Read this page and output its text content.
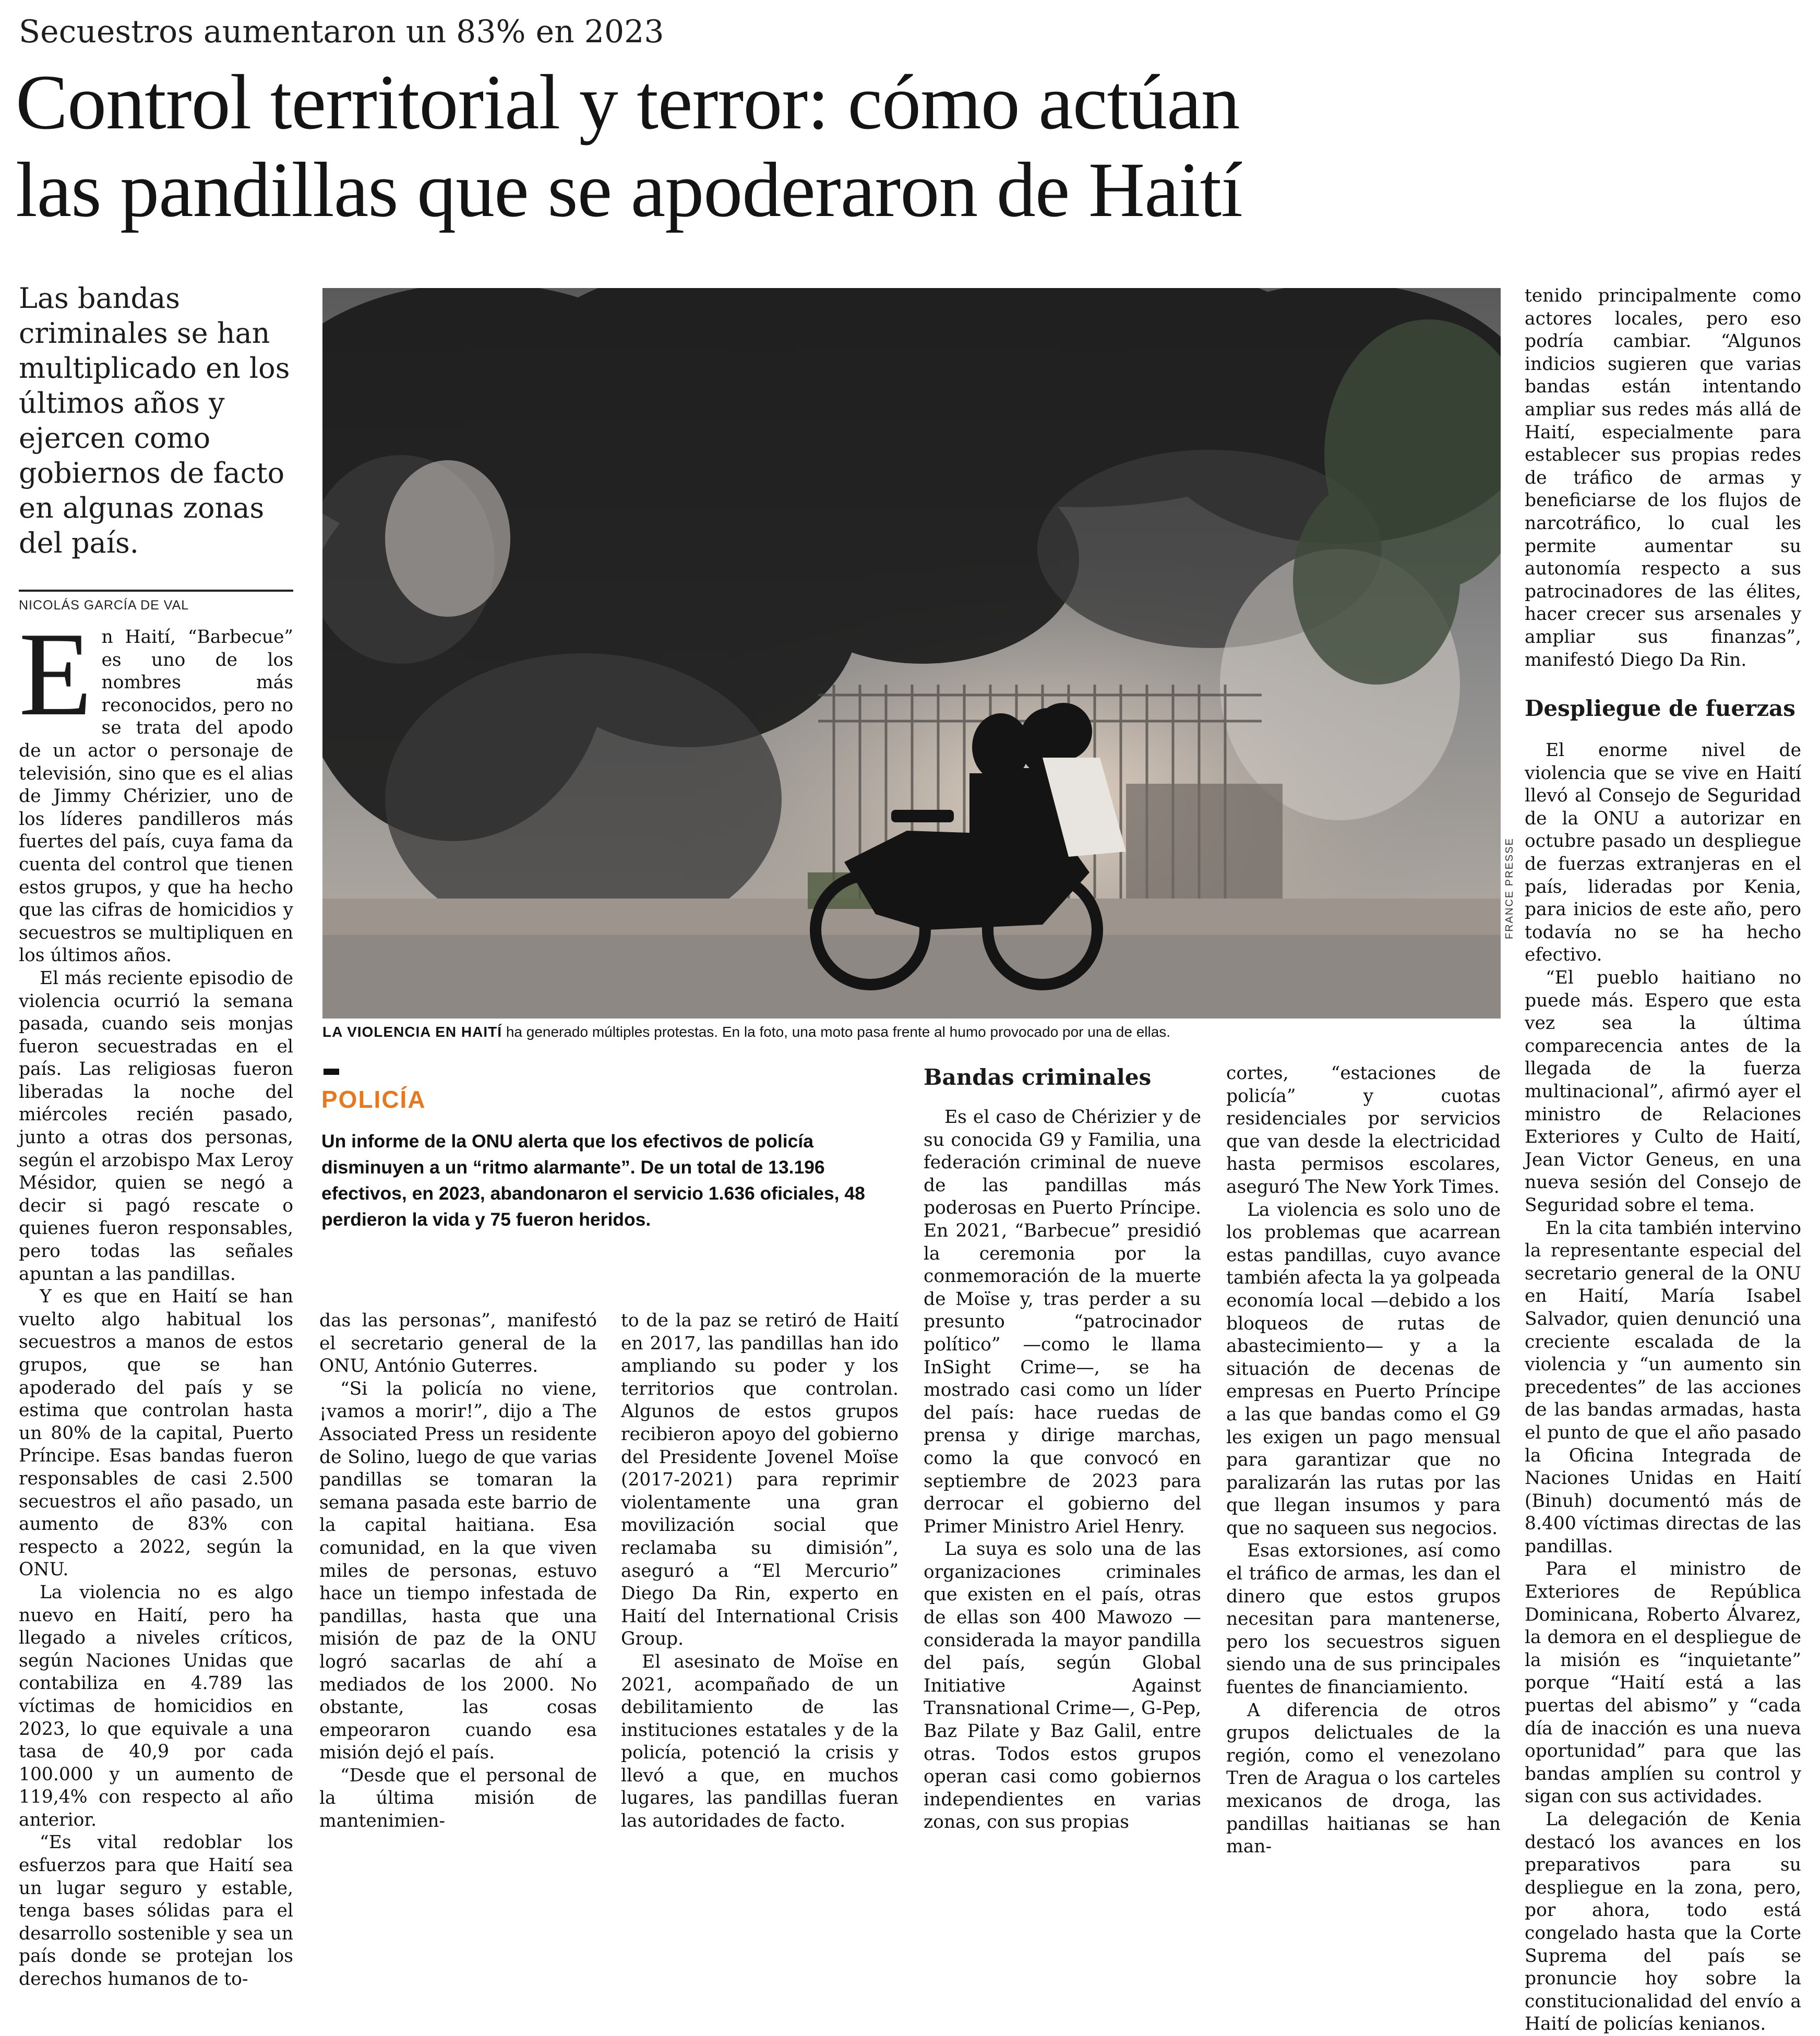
Secuestros aumentaron un 83% en 2023
Control territorial y terror: cómo actúan
las pandillas que se apoderaron de Haití
Las bandas criminales se han multiplicado en los últimos años y ejercen como gobiernos de facto en algunas zonas del país.
NICOLÁS GARCÍA DE VAL
FRANCE PRESSE
LA VIOLENCIA EN HAITÍ ha generado múltiples protestas. En la foto, una moto pasa frente al humo provocado por una de ellas.
POLICÍA
Un informe de la ONU alerta que los efectivos de policía disminuyen a un “ritmo alarmante”. De un total de 13.196 efectivos, en 2023, abandonaron el servicio 1.636 oficiales, 48 perdieron la vida y 75 fueron heridos.

En Haití, “Barbecue” es uno de los nombres más reconocidos, pero no se trata del apodo de un actor o personaje de televisión, sino que es el alias de Jimmy Chérizier, uno de los líderes pandilleros más fuertes del país, cuya fama da cuenta del control que tienen estos grupos, y que ha hecho que las cifras de homicidios y secuestros se multipliquen en los últimos años.

El más reciente episodio de violencia ocurrió la semana pasada, cuando seis monjas fueron secuestradas en el país. Las religiosas fueron liberadas la noche del miércoles recién pasado, junto a otras dos personas, según el arzobispo Max Leroy Mésidor, quien se negó a decir si pagó rescate o quienes fueron responsables, pero todas las señales apuntan a las pandillas.

Y es que en Haití se han vuelto algo habitual los secuestros a manos de estos grupos, que se han apoderado del país y se estima que controlan hasta un 80% de la capital, Puerto Príncipe. Esas bandas fueron responsables de casi 2.500 secuestros el año pasado, un aumento de 83% con respecto a 2022, según la ONU.

La violencia no es algo nuevo en Haití, pero ha llegado a niveles críticos, según Naciones Unidas que contabiliza en 4.789 las víctimas de homicidios en 2023, lo que equivale a una tasa de 40,9 por cada 100.000 y un aumento de 119,4% con respecto al año anterior.

“Es vital redoblar los esfuerzos para que Haití sea un lugar seguro y estable, tenga bases sólidas para el desarrollo sostenible y sea un país donde se protejan los derechos humanos de to-

das las personas”, manifestó el secretario general de la ONU, António Guterres.

“Si la policía no viene, ¡vamos a morir!”, dijo a The Associated Press un residente de Solino, luego de que varias pandillas se tomaran la semana pasada este barrio de la capital haitiana. Esa comunidad, en la que viven miles de personas, estuvo hace un tiempo infestada de pandillas, hasta que una misión de paz de la ONU logró sacarlas de ahí a mediados de los 2000. No obstante, las cosas empeoraron cuando esa misión dejó el país.

“Desde que el personal de la última misión de mantenimien-

to de la paz se retiró de Haití en 2017, las pandillas han ido ampliando su poder y los territorios que controlan. Algunos de estos grupos recibieron apoyo del gobierno del Presidente Jovenel Moïse (2017-2021) para reprimir violentamente una gran movilización social que reclamaba su dimisión”, aseguró a “El Mercurio” Diego Da Rin, experto en Haití del International Crisis Group.

El asesinato de Moïse en 2021, acompañado de un debilitamiento de las instituciones estatales y de la policía, potenció la crisis y llevó a que, en muchos lugares, las pandillas fueran las autoridades de facto.

Bandas criminales

Es el caso de Chérizier y de su conocida G9 y Familia, una federación criminal de nueve de las pandillas más poderosas en Puerto Príncipe. En 2021, “Barbecue” presidió la ceremonia por la conmemoración de la muerte de Moïse y, tras perder a su presunto “patrocinador político” —como le llama InSight Crime—, se ha mostrado casi como un líder del país: hace ruedas de prensa y dirige marchas, como la que convocó en septiembre de 2023 para derrocar el gobierno del Primer Ministro Ariel Henry.

La suya es solo una de las organizaciones criminales que existen en el país, otras de ellas son 400 Mawozo —considerada la mayor pandilla del país, según Global Initiative Against Transnational Crime—, G-Pep, Baz Pilate y Baz Galil, entre otras. Todos estos grupos operan casi como gobiernos independientes en varias zonas, con sus propias

cortes, “estaciones de policía” y cuotas residenciales por servicios que van desde la electricidad hasta permisos escolares, aseguró The New York Times.

La violencia es solo uno de los problemas que acarrean estas pandillas, cuyo avance también afecta la ya golpeada economía local —debido a los bloqueos de rutas de abastecimiento— y a la situación de decenas de empresas en Puerto Príncipe a las que bandas como el G9 les exigen un pago mensual para garantizar que no paralizarán las rutas por las que llegan insumos y para que no saqueen sus negocios.

Esas extorsiones, así como el tráfico de armas, les dan el dinero que estos grupos necesitan para mantenerse, pero los secuestros siguen siendo una de sus principales fuentes de financiamiento.

A diferencia de otros grupos delictuales de la región, como el venezolano Tren de Aragua o los carteles mexicanos de droga, las pandillas haitianas se han man-

tenido principalmente como actores locales, pero eso podría cambiar. “Algunos indicios sugieren que varias bandas están intentando ampliar sus redes más allá de Haití, especialmente para establecer sus propias redes de tráfico de armas y beneficiarse de los flujos de narcotráfico, lo cual les permite aumentar su autonomía respecto a sus patrocinadores de las élites, hacer crecer sus arsenales y ampliar sus finanzas”, manifestó Diego Da Rin.

Despliegue de fuerzas

El enorme nivel de violencia que se vive en Haití llevó al Consejo de Seguridad de la ONU a autorizar en octubre pasado un despliegue de fuerzas extranjeras en el país, lideradas por Kenia, para inicios de este año, pero todavía no se ha hecho efectivo.

“El pueblo haitiano no puede más. Espero que esta vez sea la última comparecencia antes de la llegada de la fuerza multinacional”, afirmó ayer el ministro de Relaciones Exteriores y Culto de Haití, Jean Victor Geneus, en una nueva sesión del Consejo de Seguridad sobre el tema.

En la cita también intervino la representante especial del secretario general de la ONU en Haití, María Isabel Salvador, quien denunció una creciente escalada de la violencia y “un aumento sin precedentes” de las acciones de las bandas armadas, hasta el punto de que el año pasado la Oficina Integrada de Naciones Unidas en Haití (Binuh) documentó más de 8.400 víctimas directas de las pandillas.

Para el ministro de Exteriores de República Dominicana, Roberto Álvarez, la demora en el despliegue de la misión es “inquietante” porque “Haití está a las puertas del abismo” y “cada día de inacción es una nueva oportunidad” para que las bandas amplíen su control y sigan con sus actividades.

La delegación de Kenia destacó los avances en los preparativos para su despliegue en la zona, pero, por ahora, todo está congelado hasta que la Corte Suprema del país se pronuncie hoy sobre la constitucionalidad del envío a Haití de policías kenianos.
